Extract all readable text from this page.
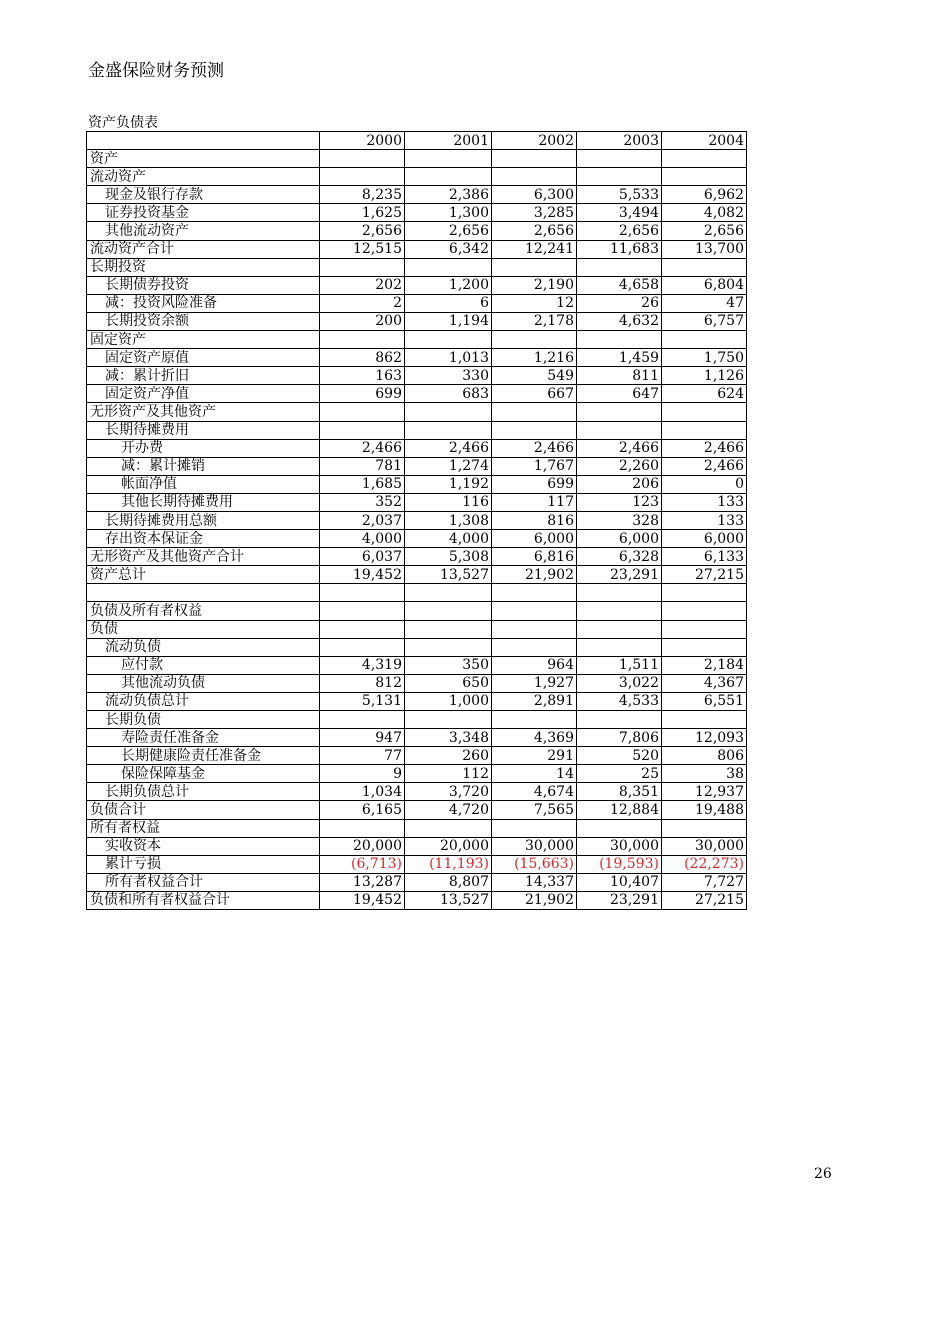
金盛保险财务预测
资产负债表
	2000	2001	2002	2003	2004
资产					
流动资产					
现金及银行存款	8,235	2,386	6,300	5,533	6,962
证券投资基金	1,625	1,300	3,285	3,494	4,082
其他流动资产	2,656	2,656	2,656	2,656	2,656
流动资产合计	12,515	6,342	12,241	11,683	13,700
长期投资					
长期债券投资	202	1,200	2,190	4,658	6,804
减：投资风险准备	2	6	12	26	47
长期投资余额	200	1,194	2,178	4,632	6,757
固定资产					
固定资产原值	862	1,013	1,216	1,459	1,750
减：累计折旧	163	330	549	811	1,126
固定资产净值	699	683	667	647	624
无形资产及其他资产					
长期待摊费用					
开办费	2,466	2,466	2,466	2,466	2,466
减：累计摊销	781	1,274	1,767	2,260	2,466
帐面净值	1,685	1,192	699	206	0
其他长期待摊费用	352	116	117	123	133
长期待摊费用总额	2,037	1,308	816	328	133
存出资本保证金	4,000	4,000	6,000	6,000	6,000
无形资产及其他资产合计	6,037	5,308	6,816	6,328	6,133
资产总计	19,452	13,527	21,902	23,291	27,215

负债及所有者权益					
负债					
流动负债					
应付款	4,319	350	964	1,511	2,184
其他流动负债	812	650	1,927	3,022	4,367
流动负债总计	5,131	1,000	2,891	4,533	6,551
长期负债					
寿险责任准备金	947	3,348	4,369	7,806	12,093
长期健康险责任准备金	77	260	291	520	806
保险保障基金	9	112	14	25	38
长期负债总计	1,034	3,720	4,674	8,351	12,937
负债合计	6,165	4,720	7,565	12,884	19,488
所有者权益					
实收资本	20,000	20,000	30,000	30,000	30,000
累计亏损	(6,713)	(11,193)	(15,663)	(19,593)	(22,273)
所有者权益合计	13,287	8,807	14,337	10,407	7,727
负债和所有者权益合计	19,452	13,527	21,902	23,291	27,215
26
